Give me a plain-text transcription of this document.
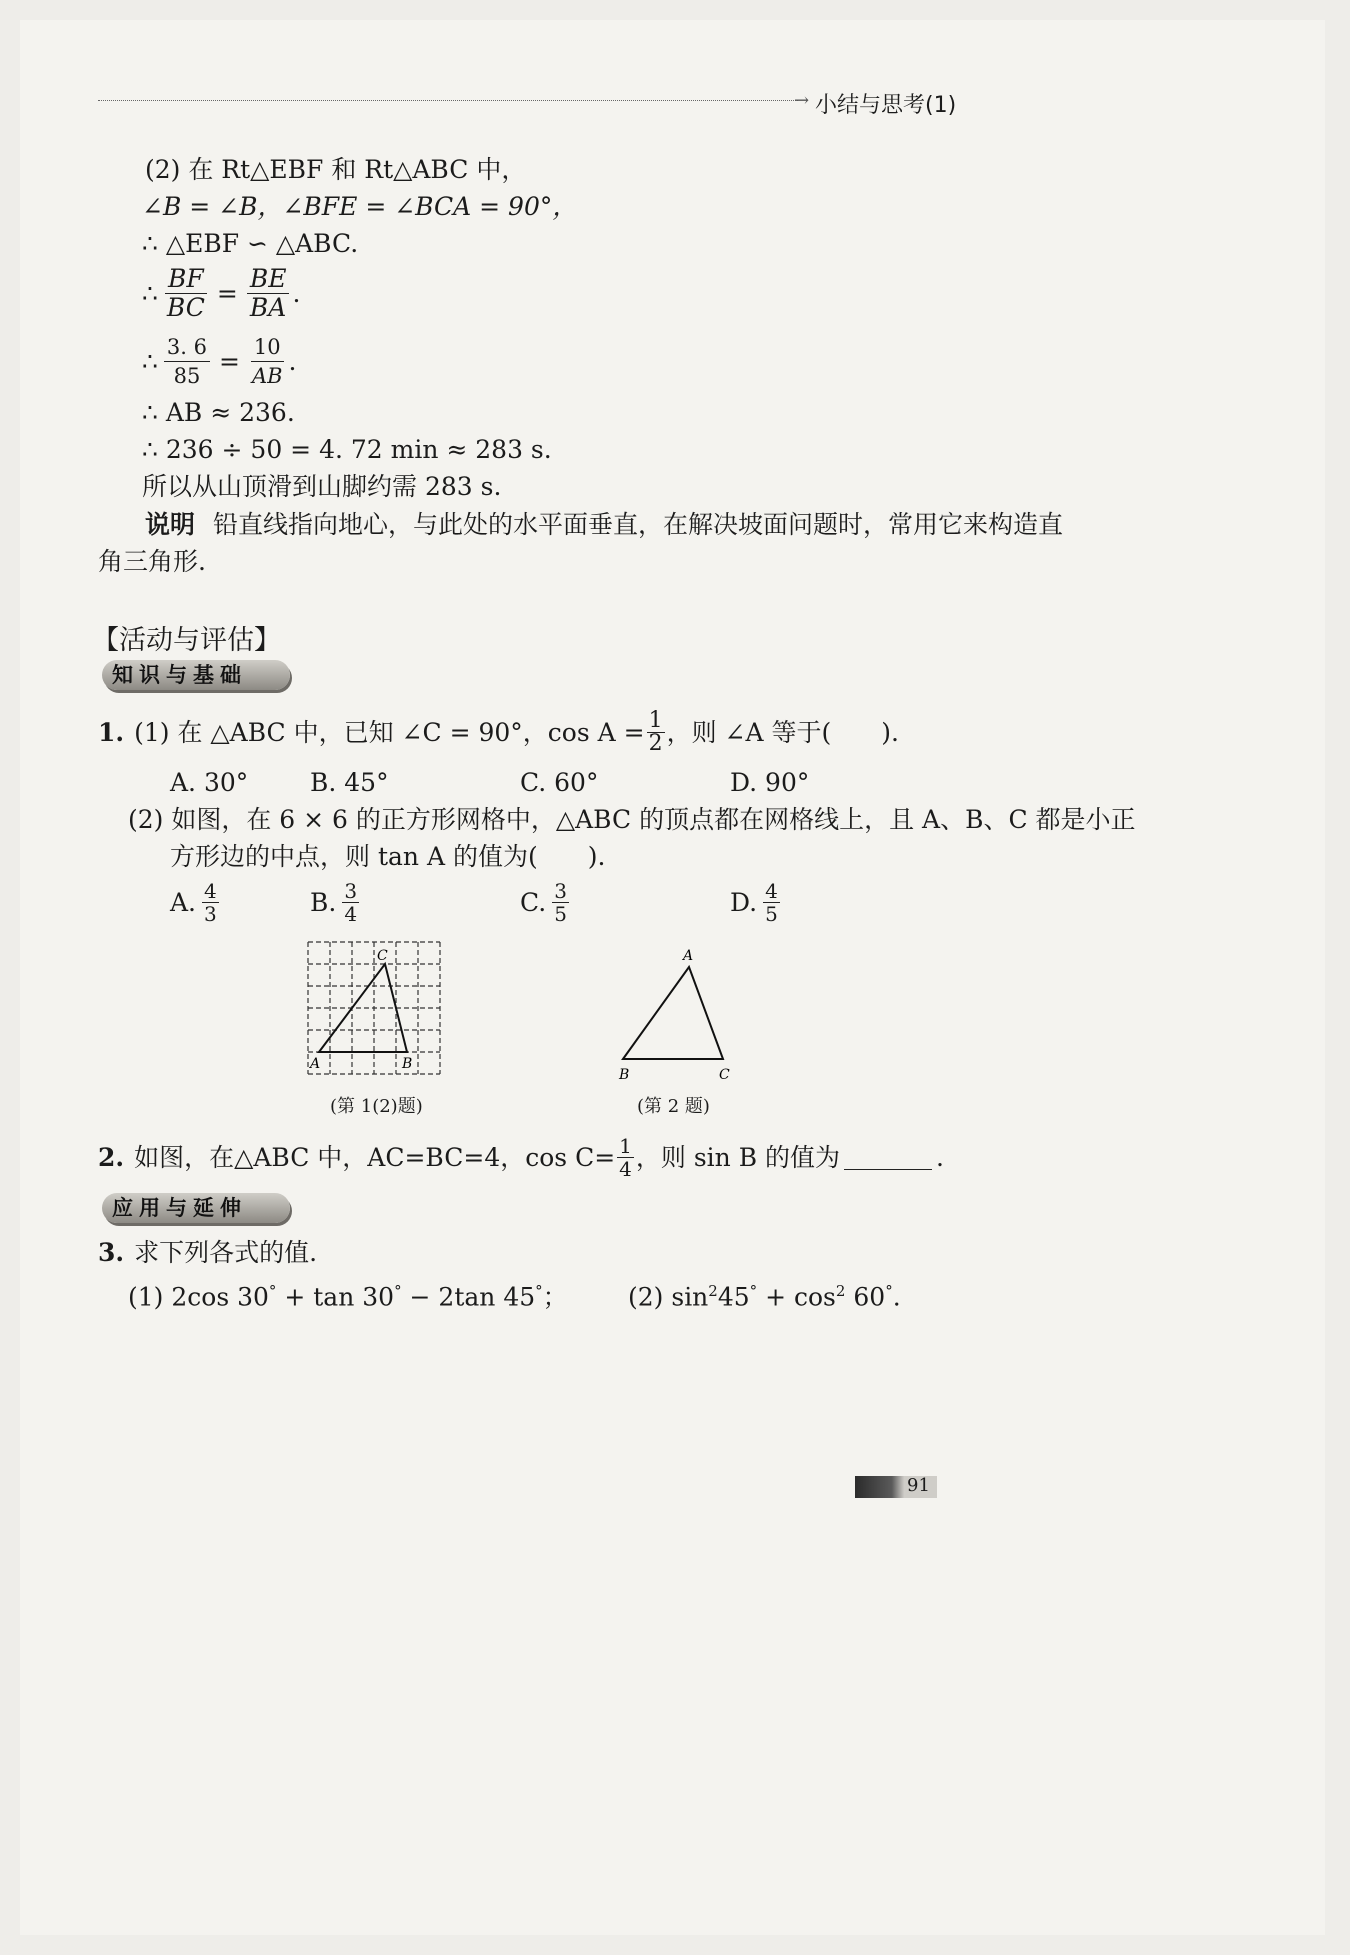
→ 小结与思考(1)
(2) 在 Rt△EBF 和 Rt△ABC 中，
∠B = ∠B，∠BFE = ∠BCA = 90°，
∴ △EBF ∽ △ABC.
∴ $\frac{BF}{BC} = \frac{BE}{BA}$ .
∴ $\frac{3. 6}{85} = \frac{10}{AB}$ .
∴ AB ≈ 236.
∴ 236 ÷ 50 = 4. 72 min ≈ 283 s.
所以从山顶滑到山脚约需 283 s.
说明 铅直线指向地心，与此处的水平面垂直，在解决坡面问题时，常用它来构造直
角三角形.
【活动与评估】
知识与基础
1. (1) 在 △ABC 中，已知 ∠C = 90°，$\cos A = \frac{1}{2}$ ，则 ∠A 等于(　　).
A. 30° B. 45°	C. 60°	D. 90°
(2) 如图，在 6 × 6 的正方形网格中，△ABC 的顶点都在网格线上，且 A、B、C 都是小正
方形边的中点，则 tan A 的值为(　　).
A. $\frac{4}{3}$	B. $\frac{3}{4}$	C. $\frac{3}{5}$	D. $\frac{4}{5}$
A	B
C
(第 1(2)题)
A
B	C
(第 2 题)
2. 如图，在△ABC 中，AC=BC=4，$\cos C= \frac{1}{4}$ ，则 sin B 的值为	.
应用与延伸
3. 求下列各式的值.
(1) 2cos 30° + tan 30° − 2tan 45°； (2) $\sin^245^\circ + \cos^2 60^\circ$.
91
